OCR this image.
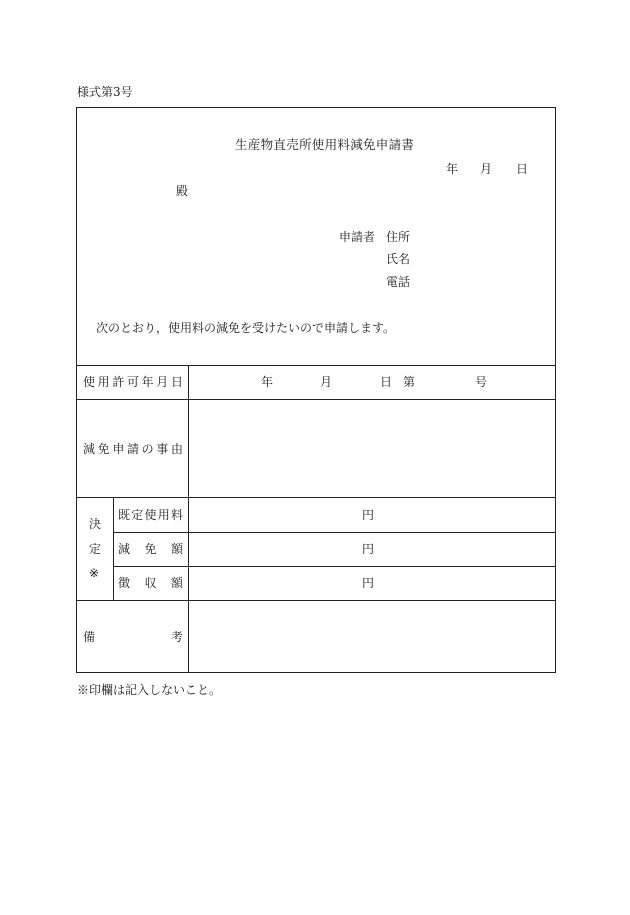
様式第3号
生産物直売所使用料減免申請書
年 月 日
殿
申請者 住所
氏名
電話
次のとおり，使用料の減免を受けたいので申請します。
使 用 許 可 年 月 日	年	月	日 第	号
減 免 申 請 の 事 由
決
定
※
既 定 使 用 料	円
減 免 額	円
徴 収 額	円
備	考
※印欄は記入しないこと。
